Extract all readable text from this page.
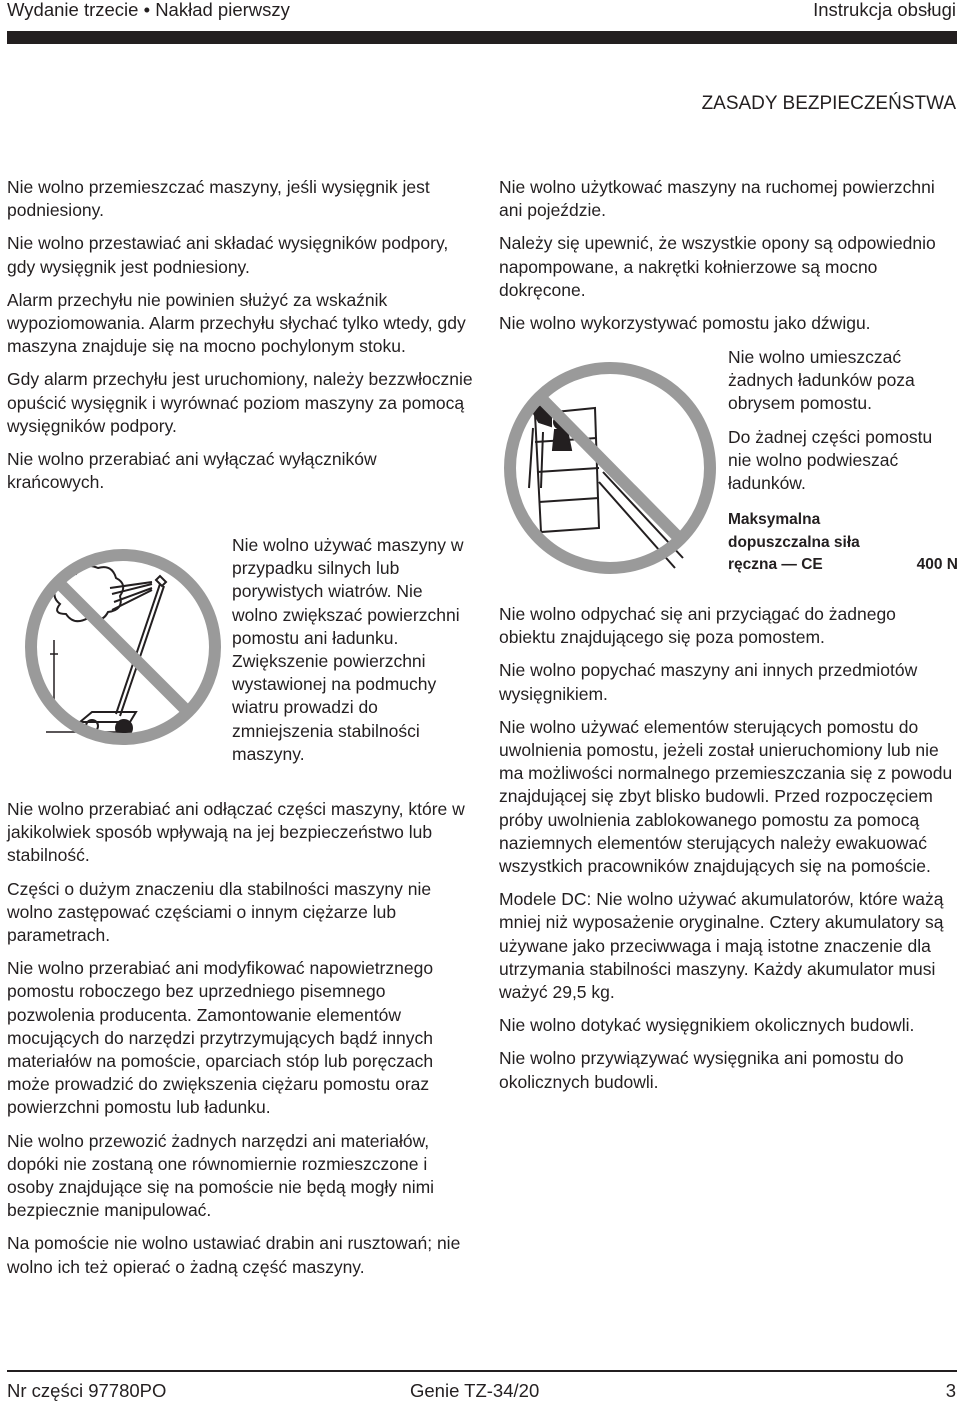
Wydanie trzecie • Nakład pierwszy	Instrukcja obsługi
ZASADY BEZPIECZEŃSTWA

Nie wolno przemieszczać maszyny, jeśli wysięgnik jest podniesiony.

Nie wolno przestawiać ani składać wysięgników podpory, gdy wysięgnik jest podniesiony.

Alarm przechyłu nie powinien służyć za wskaźnik wypoziomowania. Alarm przechyłu słychać tylko wtedy, gdy maszyna znajduje się na mocno pochylonym stoku.

Gdy alarm przechyłu jest uruchomiony, należy bezzwłocznie opuścić wysięgnik i wyrównać poziom maszyny za pomocą wysięgników podpory.

Nie wolno przerabiać ani wyłączać wyłączników krańcowych.

Nie wolno używać maszyny w przypadku silnych lub porywistych wiatrów. Nie wolno zwiększać powierzchni pomostu ani ładunku. Zwiększenie powierzchni wystawionej na podmuchy wiatru prowadzi do zmniejszenia stabilności maszyny.

Nie wolno przerabiać ani odłączać części maszyny, które w jakikolwiek sposób wpływają na jej bezpieczeństwo lub stabilność.

Części o dużym znaczeniu dla stabilności maszyny nie wolno zastępować częściami o innym ciężarze lub parametrach.

Nie wolno przerabiać ani modyfikować napowietrznego pomostu roboczego bez uprzedniego pisemnego pozwolenia producenta. Zamontowanie elementów mocujących do narzędzi przytrzymujących bądź innych materiałów na pomoście, oparciach stóp lub poręczach może prowadzić do zwiększenia ciężaru pomostu oraz powierzchni pomostu lub ładunku.

Nie wolno przewozić żadnych narzędzi ani materiałów, dopóki nie zostaną one równomiernie rozmieszczone i osoby znajdujące się na pomoście nie będą mogły nimi bezpiecznie manipulować.

Na pomoście nie wolno ustawiać drabin ani rusztowań; nie wolno ich też opierać o żadną część maszyny.

Nie wolno użytkować maszyny na ruchomej powierzchni ani pojeździe.

Należy się upewnić, że wszystkie opony są odpowiednio napompowane, a nakrętki kołnierzowe są mocno dokręcone.

Nie wolno wykorzystywać pomostu jako dźwigu.

Nie wolno umieszczać żadnych ładunków poza obrysem pomostu.

Do żadnej części pomostu nie wolno podwieszać ładunków.

Maksymalna dopuszczalna siła ręczna — CE	400 N

Nie wolno odpychać się ani przyciągać do żadnego obiektu znajdującego się poza pomostem.

Nie wolno popychać maszyny ani innych przedmiotów wysięgnikiem.

Nie wolno używać elementów sterujących pomostu do uwolnienia pomostu, jeżeli został unieruchomiony lub nie ma możliwości normalnego przemieszczania się z powodu znajdującej się zbyt blisko budowli. Przed rozpoczęciem próby uwolnienia zablokowanego pomostu za pomocą naziemnych elementów sterujących należy ewakuować wszystkich pracowników znajdujących się na pomoście.

Modele DC: Nie wolno używać akumulatorów, które ważą mniej niż wyposażenie oryginalne. Cztery akumulatory są używane jako przeciwwaga i mają istotne znaczenie dla utrzymania stabilności maszyny. Każdy akumulator musi ważyć 29,5 kg.

Nie wolno dotykać wysięgnikiem okolicznych budowli.

Nie wolno przywiązywać wysięgnika ani pomostu do okolicznych budowli.

Nr części 97780PO	Genie TZ-34/20	3
